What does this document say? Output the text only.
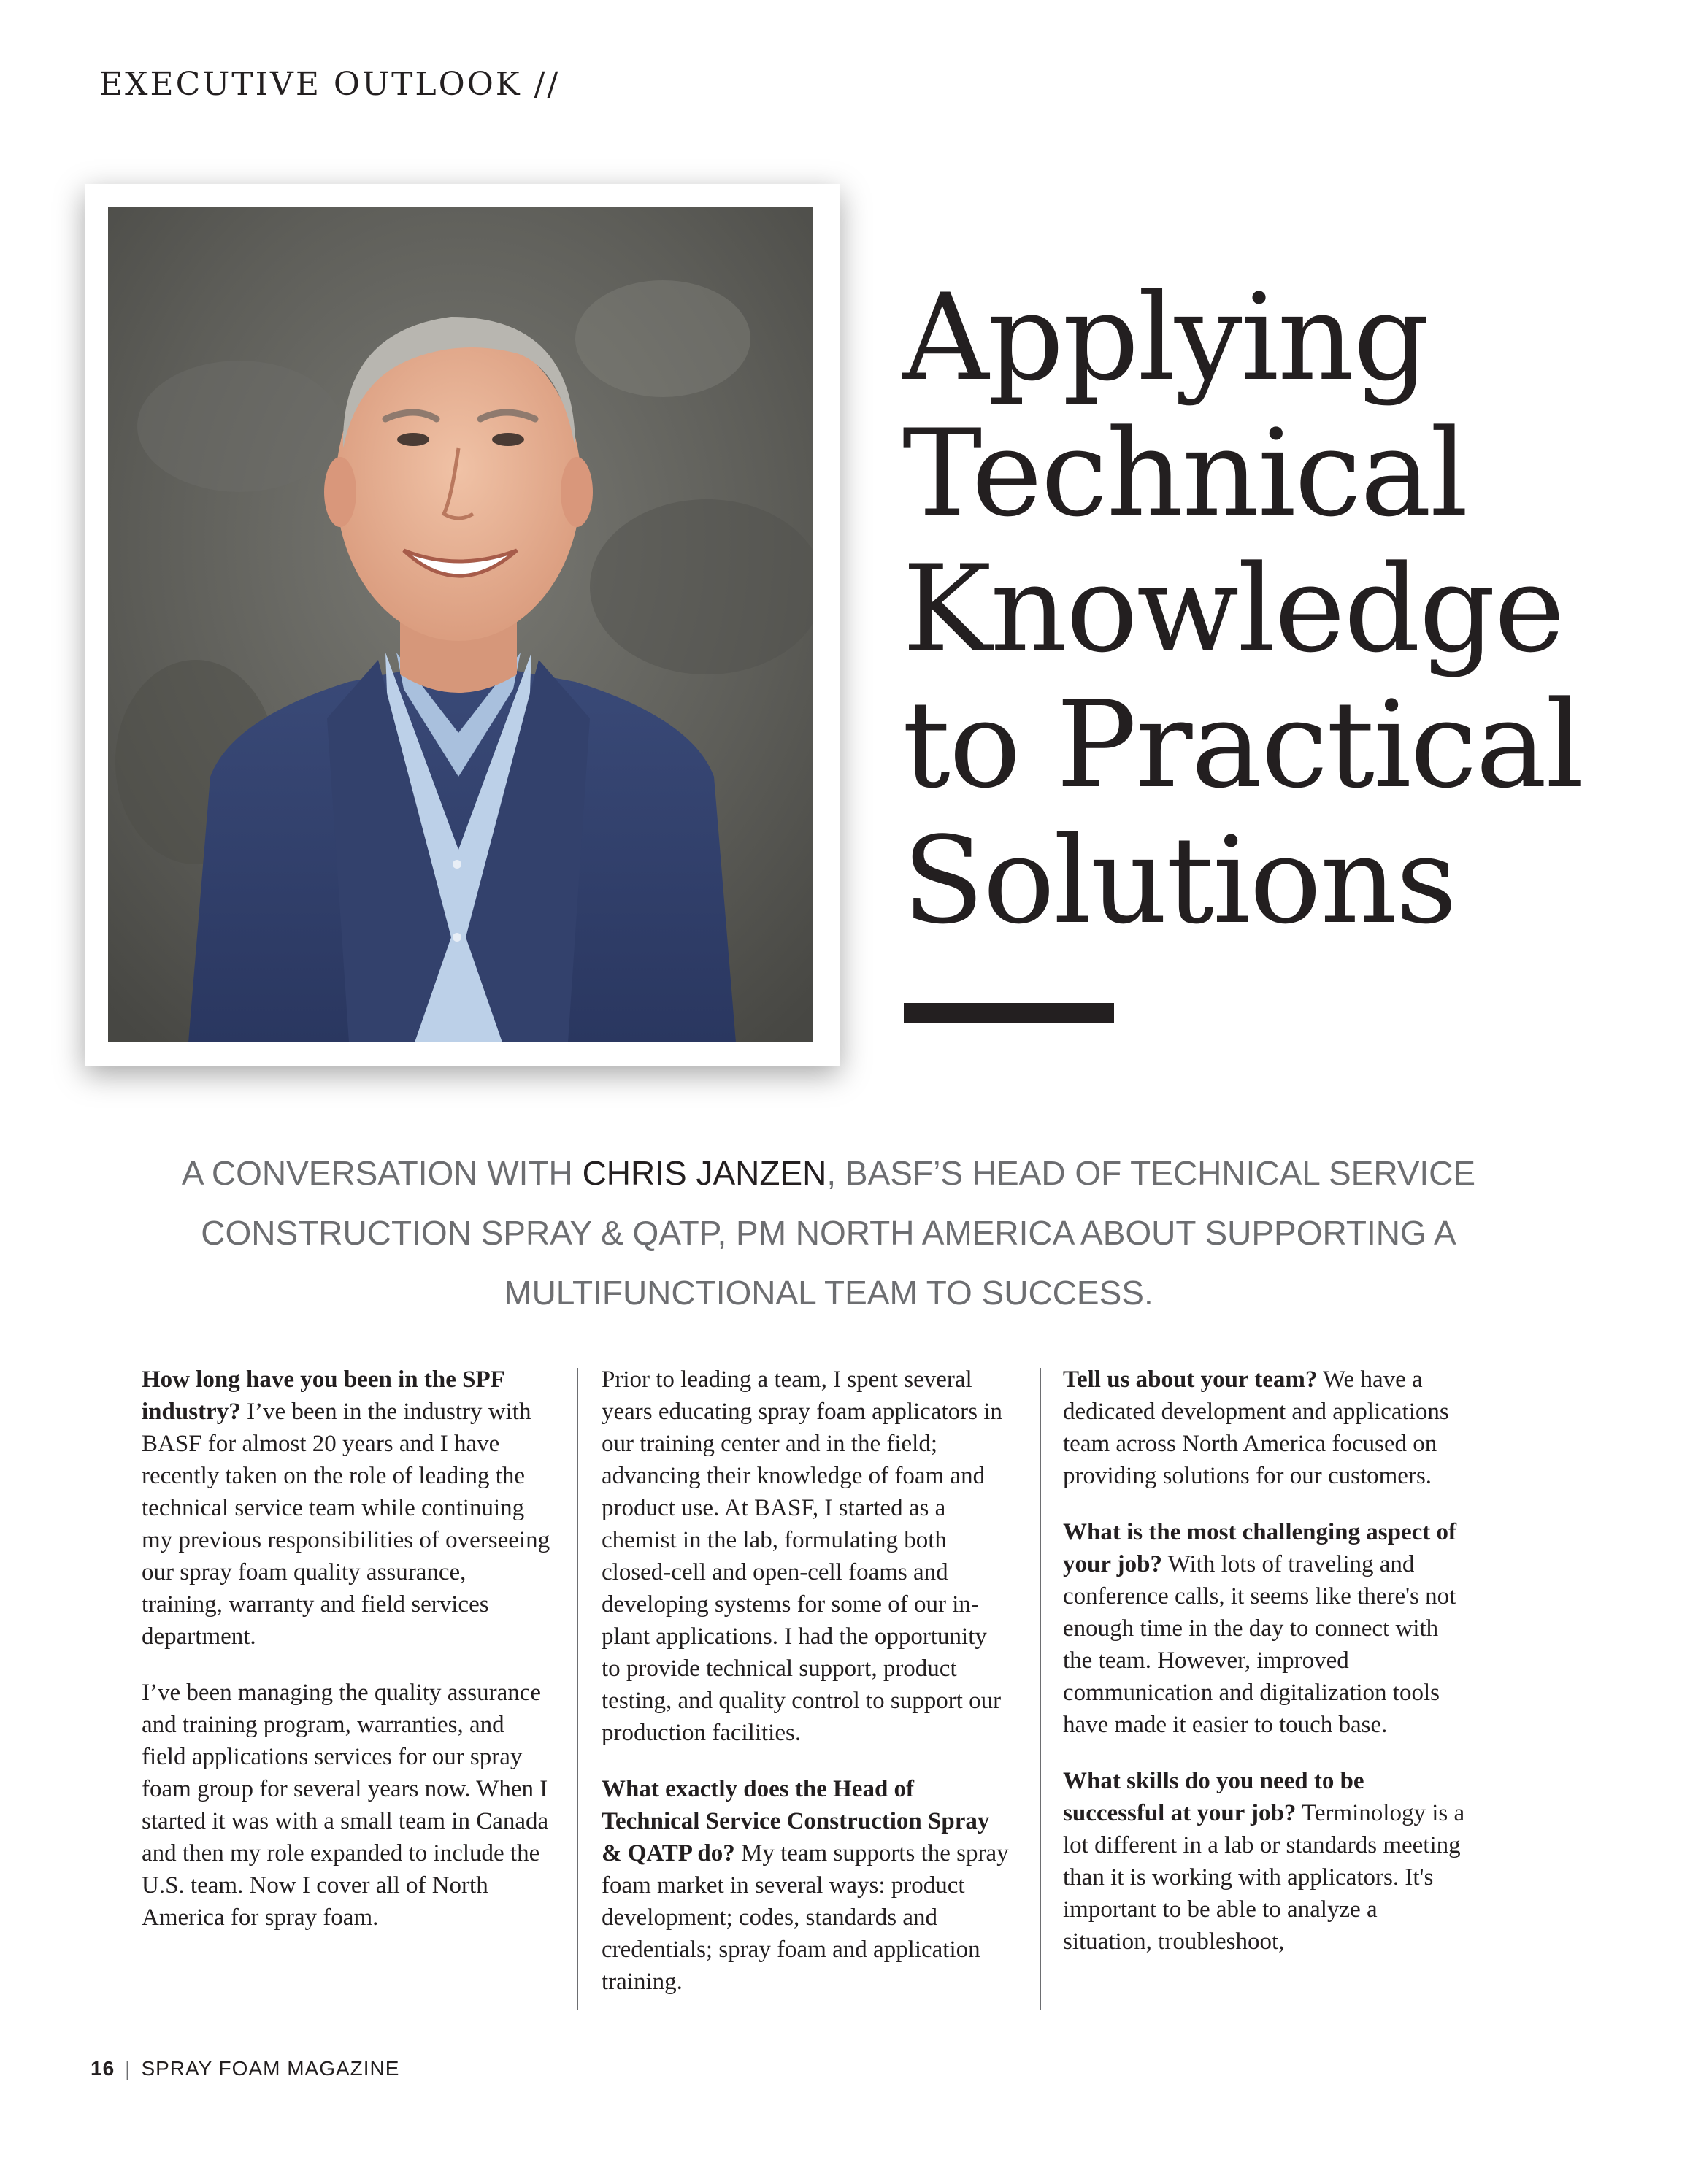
EXECUTIVE OUTLOOK //
Applying
Technical
Knowledge
to Practical
Solutions
A CONVERSATION WITH CHRIS JANZEN, BASF’S HEAD OF TECHNICAL SERVICE CONSTRUCTION SPRAY & QATP, PM NORTH AMERICA ABOUT SUPPORTING A MULTIFUNCTIONAL TEAM TO SUCCESS.

How long have you been in the SPF industry? I’ve been in the industry with BASF for almost 20 years and I have recently taken on the role of leading the technical service team while continuing my previous responsibilities of overseeing our spray foam quality assurance, training, warranty and field services department.

I’ve been managing the quality assurance and training program, warranties, and field applications services for our spray foam group for several years now. When I started it was with a small team in Canada and then my role expanded to include the U.S. team. Now I cover all of North America for spray foam.

Prior to leading a team, I spent several years educating spray foam applicators in our training center and in the field; advancing their knowledge of foam and product use. At BASF, I started as a chemist in the lab, formulating both closed-cell and open-cell foams and developing systems for some of our in-plant applications. I had the opportunity to provide technical support, product testing, and quality control to support our production facilities.

What exactly does the Head of Technical Service Construction Spray & QATP do? My team supports the spray foam market in several ways: product development; codes, standards and credentials; spray foam and application training.

Tell us about your team? We have a dedicated development and applications team across North America focused on providing solutions for our customers.

What is the most challenging aspect of your job? With lots of traveling and conference calls, it seems like there's not enough time in the day to connect with the team. However, improved communication and digitalization tools have made it easier to touch base.

What skills do you need to be successful at your job? Terminology is a lot different in a lab or standards meeting than it is working with applicators. It's important to be able to analyze a situation, troubleshoot,

16 | SPRAY FOAM MAGAZINE
